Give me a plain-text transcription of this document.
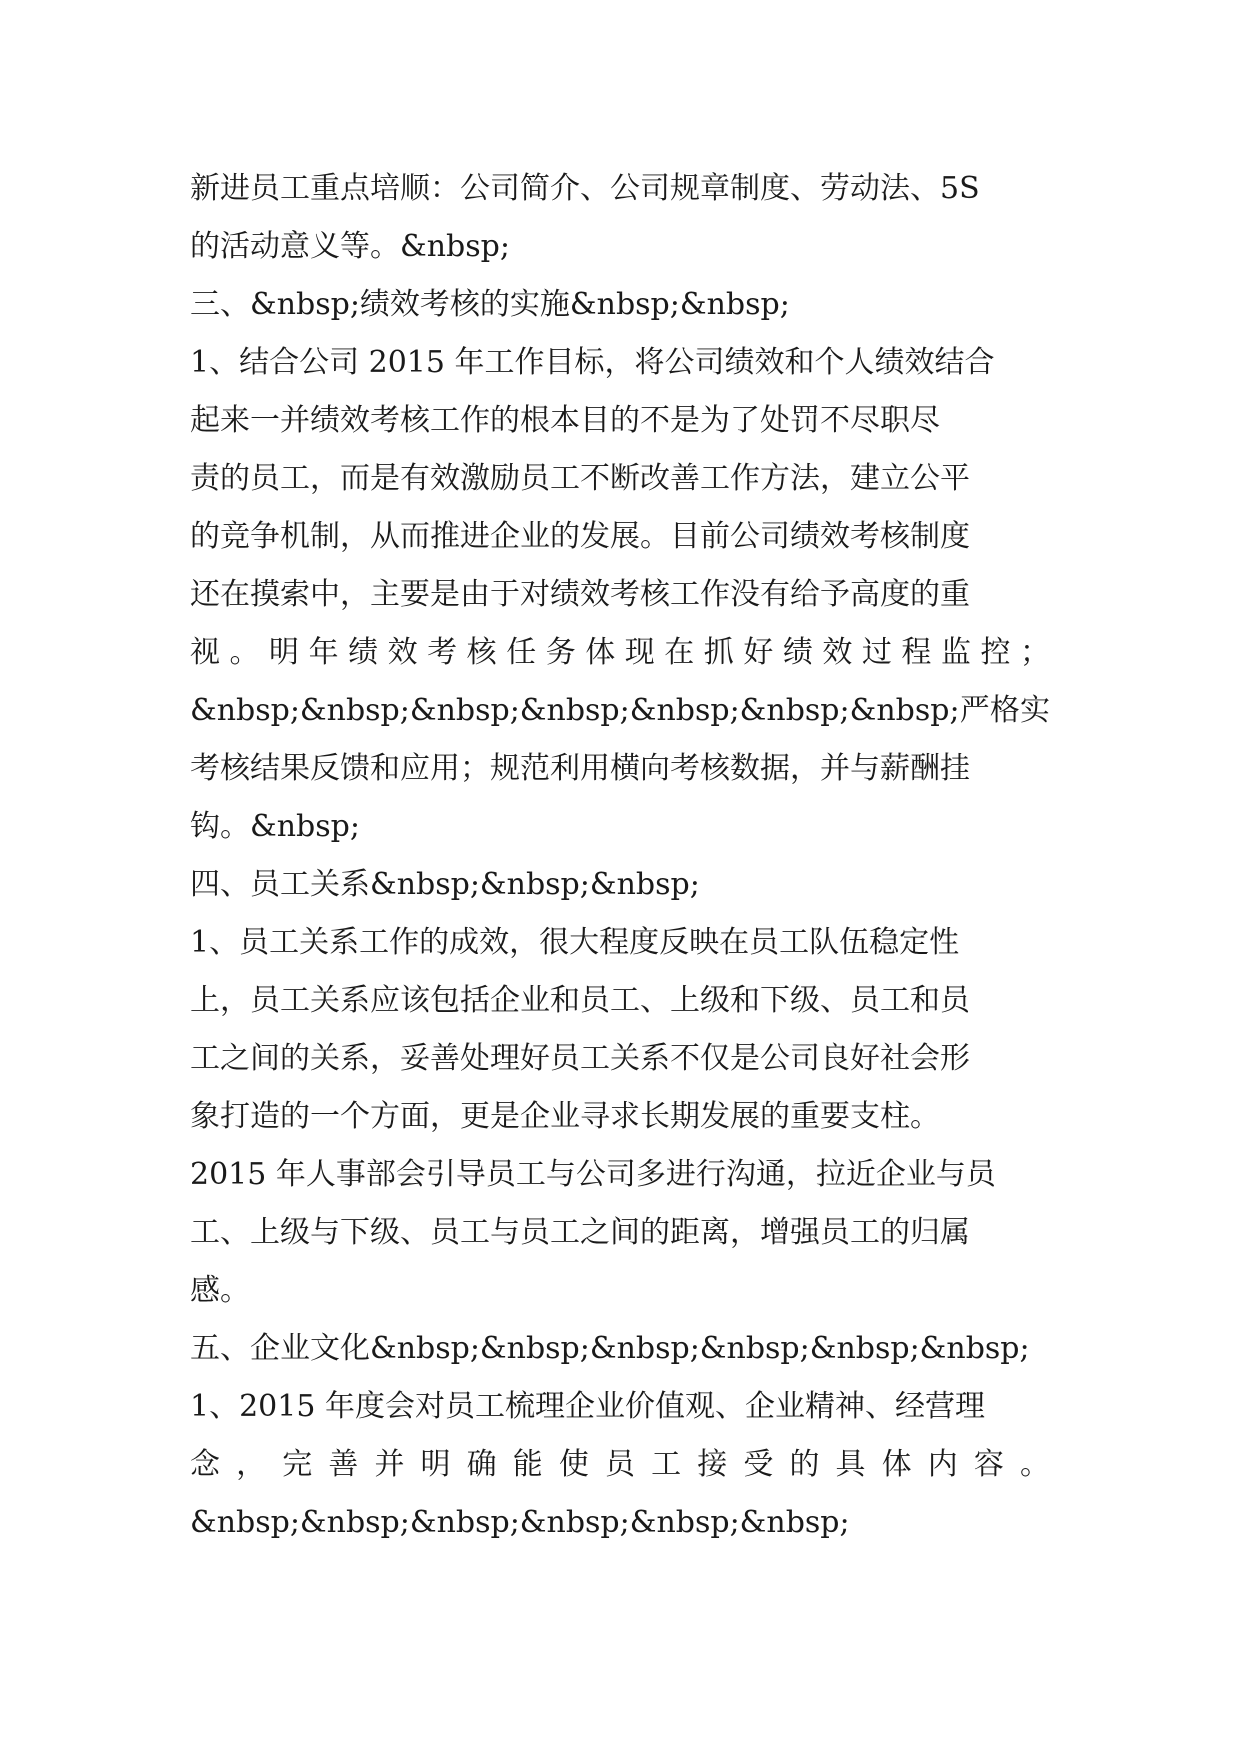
新进员工重点培顺：公司简介、公司规章制度、劳动法、5S
的活动意义等。&nbsp;
三、&nbsp;绩效考核的实施&nbsp;&nbsp;
1、结合公司 2015 年工作目标，将公司绩效和个人绩效结合
起来一并绩效考核工作的根本目的不是为了处罚不尽职尽
责的员工，而是有效激励员工不断改善工作方法，建立公平
的竞争机制，从而推进企业的发展。目前公司绩效考核制度
还在摸索中，主要是由于对绩效考核工作没有给予高度的重
视。明年绩效考核任务体现在抓好绩效过程监控；
&nbsp;&nbsp;&nbsp;&nbsp;&nbsp;&nbsp;&nbsp;严格实
考核结果反馈和应用；规范利用横向考核数据，并与薪酬挂
钩。&nbsp;
四、员工关系&nbsp;&nbsp;&nbsp;
1、员工关系工作的成效，很大程度反映在员工队伍稳定性
上，员工关系应该包括企业和员工、上级和下级、员工和员
工之间的关系，妥善处理好员工关系不仅是公司良好社会形
象打造的一个方面，更是企业寻求长期发展的重要支柱。
2015 年人事部会引导员工与公司多进行沟通，拉近企业与员
工、上级与下级、员工与员工之间的距离，增强员工的归属
感。
五、企业文化&nbsp;&nbsp;&nbsp;&nbsp;&nbsp;&nbsp;
1、2015 年度会对员工梳理企业价值观、企业精神、经营理
念，完善并明确能使员工接受的具体内容。
&nbsp;&nbsp;&nbsp;&nbsp;&nbsp;&nbsp;
